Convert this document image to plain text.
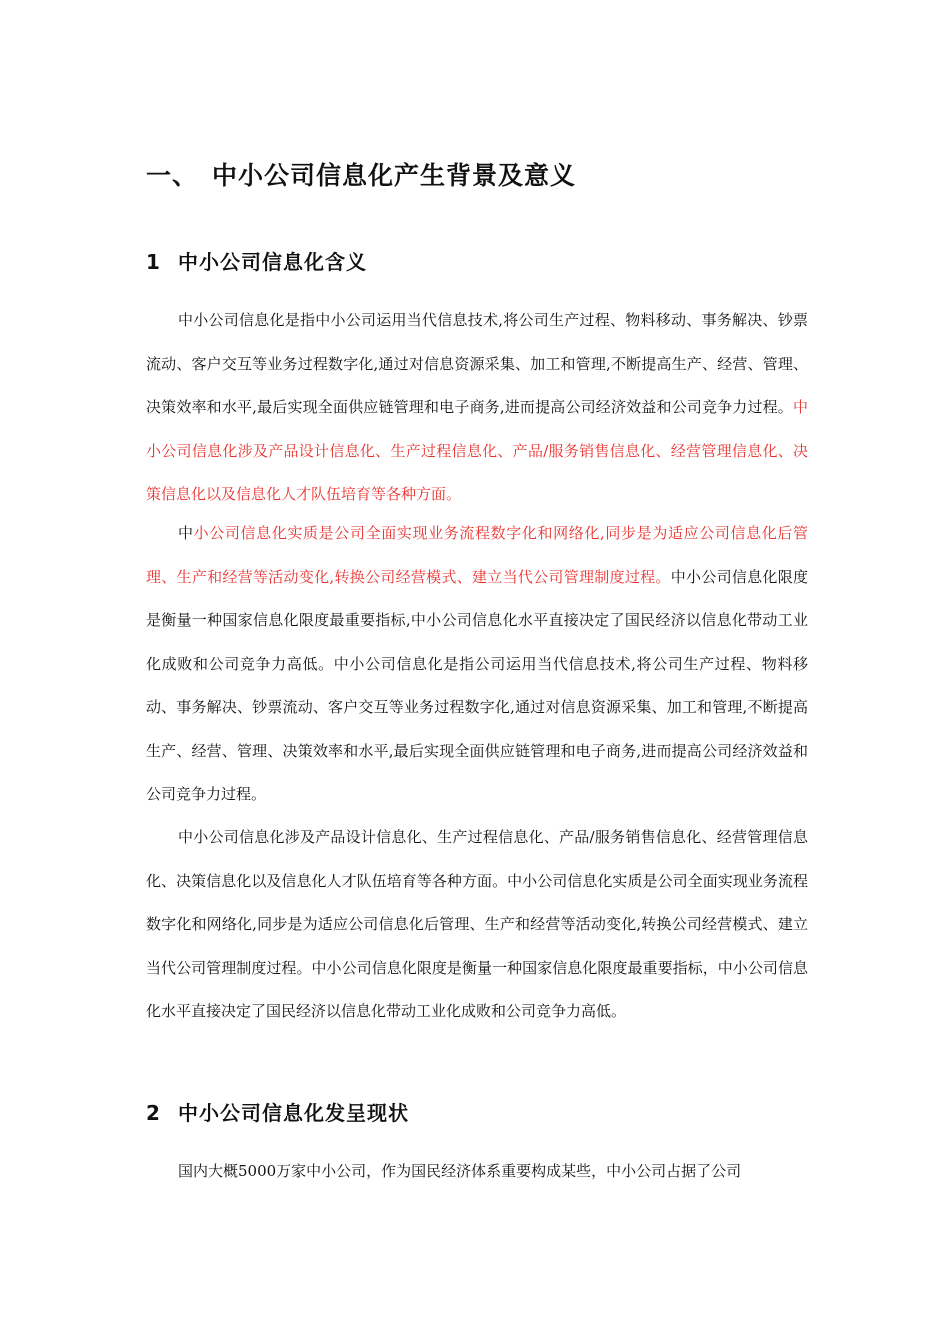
一、 中小公司信息化产生背景及意义
1 中小公司信息化含义

中小公司信息化是指中小公司运用当代信息技术,将公司生产过程、物料移动、事务解决、钞票流动、客户交互等业务过程数字化,通过对信息资源采集、加工和管理,不断提高生产、经营、管理、决策效率和水平,最后实现全面供应链管理和电子商务,进而提高公司经济效益和公司竞争力过程。中小公司信息化涉及产品设计信息化、生产过程信息化、产品/服务销售信息化、经营管理信息化、决策信息化以及信息化人才队伍培育等各种方面。

中小公司信息化实质是公司全面实现业务流程数字化和网络化,同步是为适应公司信息化后管理、生产和经营等活动变化,转换公司经营模式、建立当代公司管理制度过程。中小公司信息化限度是衡量一种国家信息化限度最重要指标,中小公司信息化水平直接决定了国民经济以信息化带动工业化成败和公司竞争力高低。中小公司信息化是指公司运用当代信息技术,将公司生产过程、物料移动、事务解决、钞票流动、客户交互等业务过程数字化,通过对信息资源采集、加工和管理,不断提高生产、经营、管理、决策效率和水平,最后实现全面供应链管理和电子商务,进而提高公司经济效益和公司竞争力过程。

中小公司信息化涉及产品设计信息化、生产过程信息化、产品/服务销售信息化、经营管理信息化、决策信息化以及信息化人才队伍培育等各种方面。中小公司信息化实质是公司全面实现业务流程数字化和网络化,同步是为适应公司信息化后管理、生产和经营等活动变化,转换公司经营模式、建立当代公司管理制度过程。中小公司信息化限度是衡量一种国家信息化限度最重要指标，中小公司信息化水平直接决定了国民经济以信息化带动工业化成败和公司竞争力高低。

2 中小公司信息化发呈现状

国内大概5000万家中小公司，作为国民经济体系重要构成某些，中小公司占据了公司
